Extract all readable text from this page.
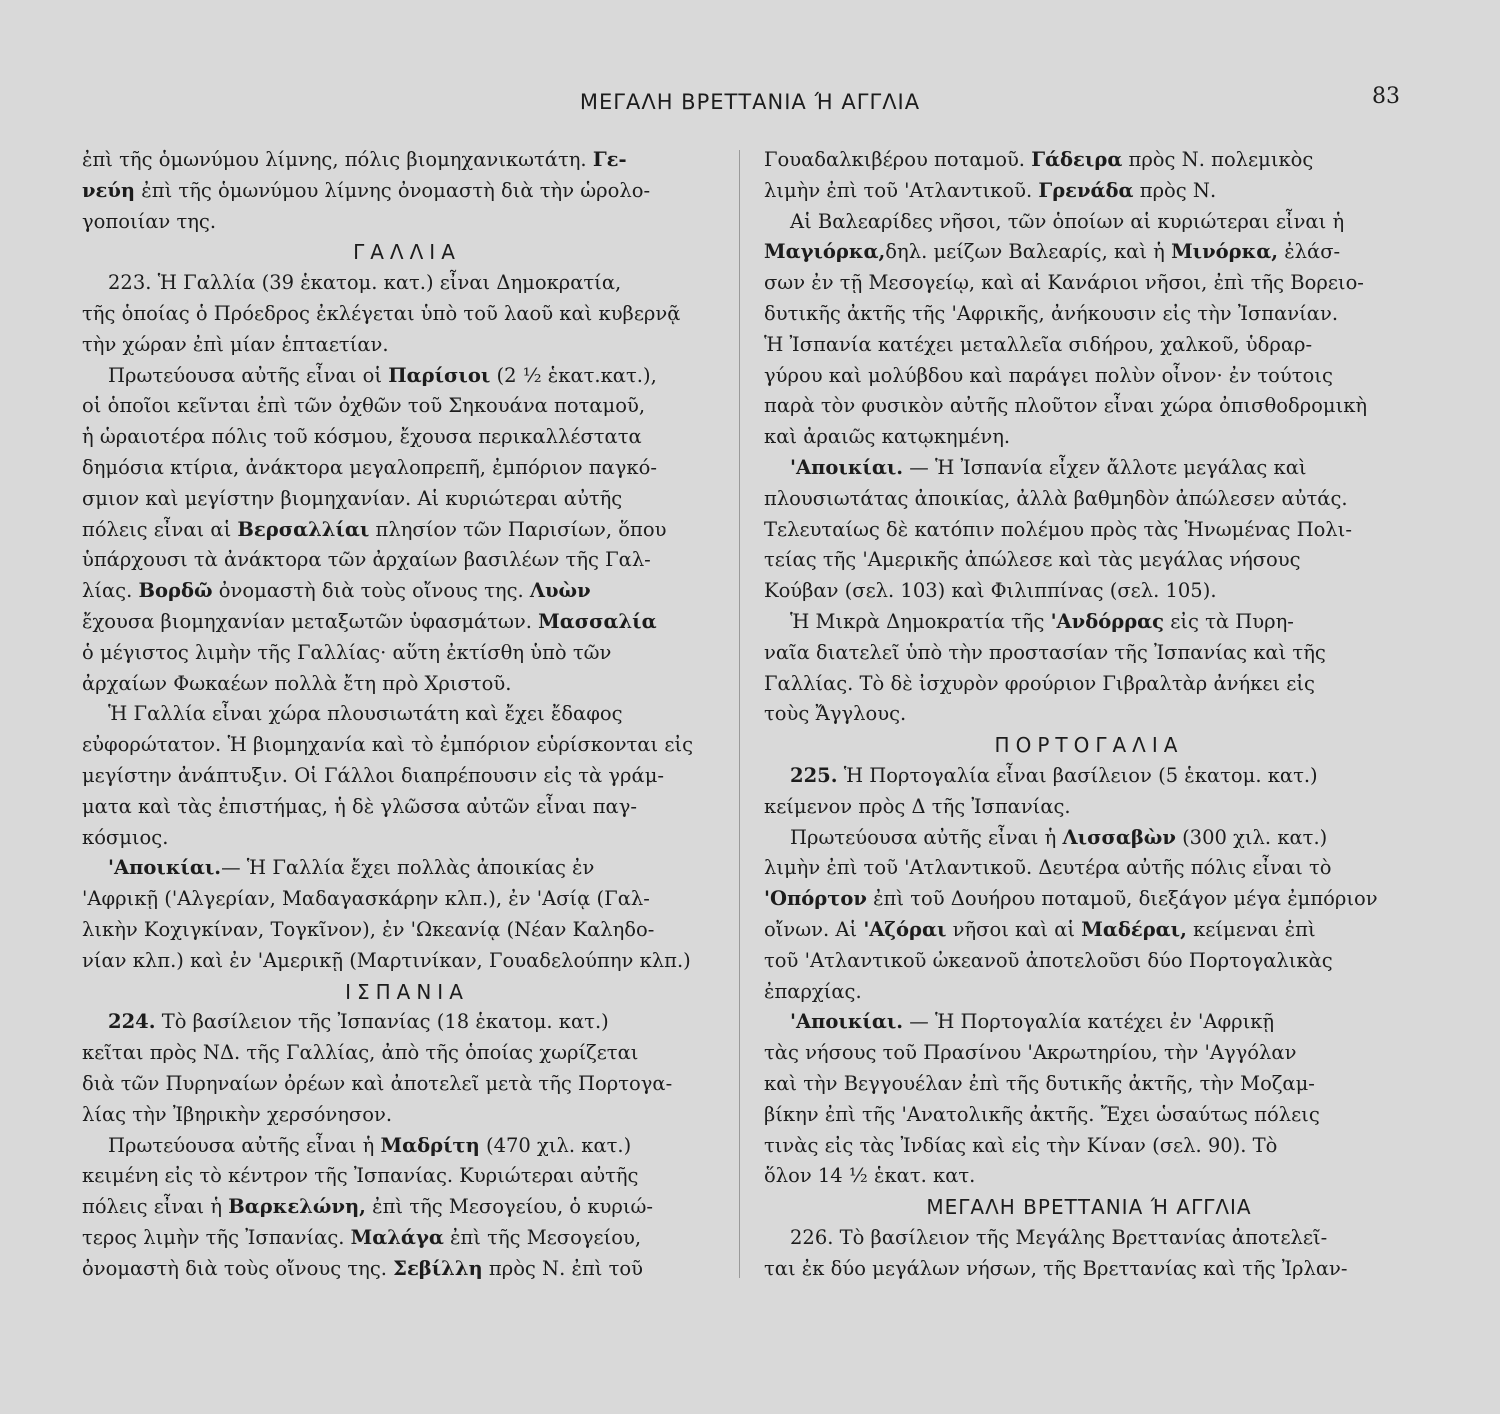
ΜΕΓΑΛΗ ΒΡΕΤΤΑΝΙΑ Ή ΑΓΓΛΙΑ	83
ἐπὶ τῆς ὁμωνύμου λίμνης, πόλις βιομηχανικωτάτη. Γε-
νεύη ἐπὶ τῆς ὁμωνύμου λίμνης ὀνομαστὴ διὰ τὴν ὡρολο-
γοποιίαν της.
ΓΑΛΛΙΑ
223. Ἡ Γαλλία (39 ἑκατομ. κατ.) εἶναι Δημοκρατία,
τῆς ὁποίας ὁ Πρόεδρος ἐκλέγεται ὑπὸ τοῦ λαοῦ καὶ κυβερνᾷ
τὴν χώραν ἐπὶ μίαν ἑπταετίαν.
Πρωτεύουσα αὐτῆς εἶναι οἱ Παρίσιοι (2 ½ ἑκατ.κατ.),
οἱ ὁποῖοι κεῖνται ἐπὶ τῶν ὀχθῶν τοῦ Σηκουάνα ποταμοῦ,
ἡ ὡραιοτέρα πόλις τοῦ κόσμου, ἔχουσα περικαλλέστατα
δημόσια κτίρια, ἀνάκτορα μεγαλοπρεπῆ, ἐμπόριον παγκό-
σμιον καὶ μεγίστην βιομηχανίαν. Αἱ κυριώτεραι αὐτῆς
πόλεις εἶναι αἱ Βερσαλλίαι πλησίον τῶν Παρισίων, ὅπου
ὑπάρχουσι τὰ ἀνάκτορα τῶν ἀρχαίων βασιλέων τῆς Γαλ-
λίας. Βορδῶ ὀνομαστὴ διὰ τοὺς οἴνους της. Λυὼν
ἔχουσα βιομηχανίαν μεταξωτῶν ὑφασμάτων. Μασσαλία
ὁ μέγιστος λιμὴν τῆς Γαλλίας· αὕτη ἐκτίσθη ὑπὸ τῶν
ἀρχαίων Φωκαέων πολλὰ ἔτη πρὸ Χριστοῦ.
Ἡ Γαλλία εἶναι χώρα πλουσιωτάτη καὶ ἔχει ἔδαφος
εὐφορώτατον. Ἡ βιομηχανία καὶ τὸ ἐμπόριον εὑρίσκονται εἰς
μεγίστην ἀνάπτυξιν. Οἱ Γάλλοι διαπρέπουσιν εἰς τὰ γράμ-
ματα καὶ τὰς ἐπιστήμας, ἡ δὲ γλῶσσα αὐτῶν εἶναι παγ-
κόσμιος.
'Αποικίαι.— Ἡ Γαλλία ἔχει πολλὰς ἀποικίας ἐν
'Αφρικῇ ('Αλγερίαν, Μαδαγασκάρην κλπ.), ἐν 'Ασίᾳ (Γαλ-
λικὴν Κοχιγκίναν, Τογκῖνον), ἐν 'Ωκεανίᾳ (Νέαν Καληδο-
νίαν κλπ.) καὶ ἐν 'Αμερικῇ (Μαρτινίκαν, Γουαδελούπην κλπ.)
ΙΣΠΑΝΙΑ
224. Τὸ βασίλειον τῆς Ἰσπανίας (18 ἑκατομ. κατ.)
κεῖται πρὸς ΝΔ. τῆς Γαλλίας, ἀπὸ τῆς ὁποίας χωρίζεται
διὰ τῶν Πυρηναίων ὀρέων καὶ ἀποτελεῖ μετὰ τῆς Πορτογα-
λίας τὴν Ἰβηρικὴν χερσόνησον.
Πρωτεύουσα αὐτῆς εἶναι ἡ Μαδρίτη (470 χιλ. κατ.)
κειμένη εἰς τὸ κέντρον τῆς Ἰσπανίας. Κυριώτεραι αὐτῆς
πόλεις εἶναι ἡ Βαρκελώνη, ἐπὶ τῆς Μεσογείου, ὁ κυριώ-
τερος λιμὴν τῆς Ἰσπανίας. Μαλάγα ἐπὶ τῆς Μεσογείου,
ὀνομαστὴ διὰ τοὺς οἴνους της. Σεβίλλη πρὸς Ν. ἐπὶ τοῦ
Γουαδαλκιβέρου ποταμοῦ. Γάδειρα πρὸς Ν. πολεμικὸς
λιμὴν ἐπὶ τοῦ 'Ατλαντικοῦ. Γρενάδα πρὸς Ν.
Αἱ Βαλεαρίδες νῆσοι, τῶν ὁποίων αἱ κυριώτεραι εἶναι ἡ
Μαγιόρκα,δηλ. μείζων Βαλεαρίς, καὶ ἡ Μινόρκα, ἐλάσ-
σων ἐν τῇ Μεσογείῳ, καὶ αἱ Κανάριοι νῆσοι, ἐπὶ τῆς Βορειο-
δυτικῆς ἀκτῆς τῆς 'Αφρικῆς, ἀνήκουσιν εἰς τὴν Ἰσπανίαν.
Ἡ Ἰσπανία κατέχει μεταλλεῖα σιδήρου, χαλκοῦ, ὑδραρ-
γύρου καὶ μολύβδου καὶ παράγει πολὺν οἶνον· ἐν τούτοις
παρὰ τὸν φυσικὸν αὐτῆς πλοῦτον εἶναι χώρα ὀπισθοδρομικὴ
καὶ ἀραιῶς κατῳκημένη.
'Αποικίαι. — Ἡ Ἰσπανία εἶχεν ἄλλοτε μεγάλας καὶ
πλουσιωτάτας ἀποικίας, ἀλλὰ βαθμηδὸν ἀπώλεσεν αὐτάς.
Τελευταίως δὲ κατόπιν πολέμου πρὸς τὰς Ἡνωμένας Πολι-
τείας τῆς 'Αμερικῆς ἀπώλεσε καὶ τὰς μεγάλας νήσους
Κούβαν (σελ. 103) καὶ Φιλιππίνας (σελ. 105).
Ἡ Μικρὰ Δημοκρατία τῆς 'Ανδόρρας εἰς τὰ Πυρη-
ναῖα διατελεῖ ὑπὸ τὴν προστασίαν τῆς Ἰσπανίας καὶ τῆς
Γαλλίας. Τὸ δὲ ἰσχυρὸν φρούριον Γιβραλτὰρ ἀνήκει εἰς
τοὺς Ἄγγλους.
ΠΟΡΤΟΓΑΛΙΑ
225. Ἡ Πορτογαλία εἶναι βασίλειον (5 ἑκατομ. κατ.)
κείμενον πρὸς Δ τῆς Ἰσπανίας.
Πρωτεύουσα αὐτῆς εἶναι ἡ Λισσαβὼν (300 χιλ. κατ.)
λιμὴν ἐπὶ τοῦ 'Ατλαντικοῦ. Δευτέρα αὐτῆς πόλις εἶναι τὸ
'Οπόρτον ἐπὶ τοῦ Δουήρου ποταμοῦ, διεξάγον μέγα ἐμπόριον
οἴνων. Αἱ 'Αζόραι νῆσοι καὶ αἱ Μαδέραι, κείμεναι ἐπὶ
τοῦ 'Ατλαντικοῦ ὠκεανοῦ ἀποτελοῦσι δύο Πορτογαλικὰς
ἐπαρχίας.
'Αποικίαι. — Ἡ Πορτογαλία κατέχει ἐν 'Αφρικῇ
τὰς νήσους τοῦ Πρασίνου 'Ακρωτηρίου, τὴν 'Αγγόλαν
καὶ τὴν Βεγγουέλαν ἐπὶ τῆς δυτικῆς ἀκτῆς, τὴν Μοζαμ-
βίκην ἐπὶ τῆς 'Ανατολικῆς ἀκτῆς. Ἔχει ὡσαύτως πόλεις
τινὰς εἰς τὰς Ἰνδίας καὶ εἰς τὴν Κίναν (σελ. 90). Τὸ
ὅλον 14 ½ ἑκατ. κατ.
ΜΕΓΑΛΗ ΒΡΕΤΤΑΝΙΑ Ή ΑΓΓΛΙΑ
226. Τὸ βασίλειον τῆς Μεγάλης Βρεττανίας ἀποτελεῖ-
ται ἐκ δύο μεγάλων νήσων, τῆς Βρεττανίας καὶ τῆς Ἰρλαν-
